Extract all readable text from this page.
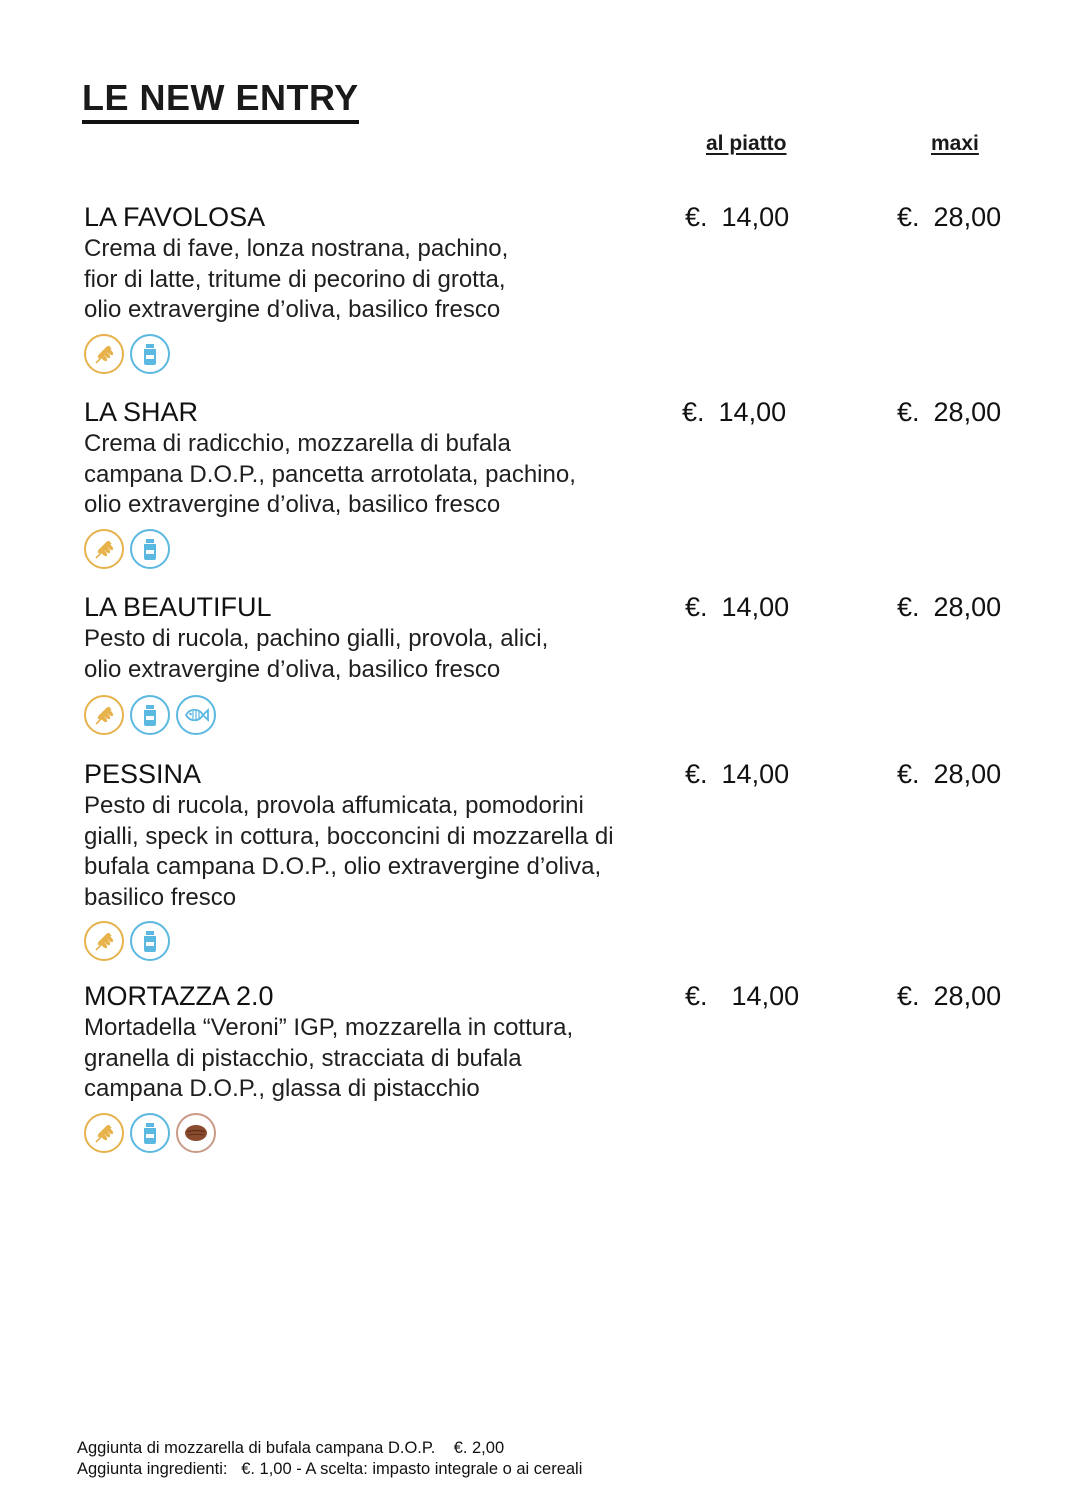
LE NEW ENTRY
al piatto	maxi
LA FAVOLOSA
Crema di fave, lonza nostrana, pachino,
fior di latte, tritume di pecorino di grotta,
olio extravergine d’oliva, basilico fresco
€. 14,00	€. 28,00
LA SHAR
Crema di radicchio, mozzarella di bufala
campana D.O.P., pancetta arrotolata, pachino,
olio extravergine d’oliva, basilico fresco
€. 14,00	€. 28,00
LA BEAUTIFUL
Pesto di rucola, pachino gialli, provola, alici,
olio extravergine d’oliva, basilico fresco
€. 14,00	€. 28,00
PESSINA
Pesto di rucola, provola affumicata, pomodorini
gialli, speck in cottura, bocconcini di mozzarella di
bufala campana D.O.P., olio extravergine d’oliva,
basilico fresco
€. 14,00	€. 28,00
MORTAZZA 2.0
Mortadella “Veroni” IGP, mozzarella in cottura,
granella di pistacchio, stracciata di bufala
campana D.O.P., glassa di pistacchio
€. 14,00	€. 28,00
Aggiunta di mozzarella di bufala campana D.O.P.    €. 2,00
Aggiunta ingredienti:   €. 1,00 - A scelta: impasto integrale o ai cereali
